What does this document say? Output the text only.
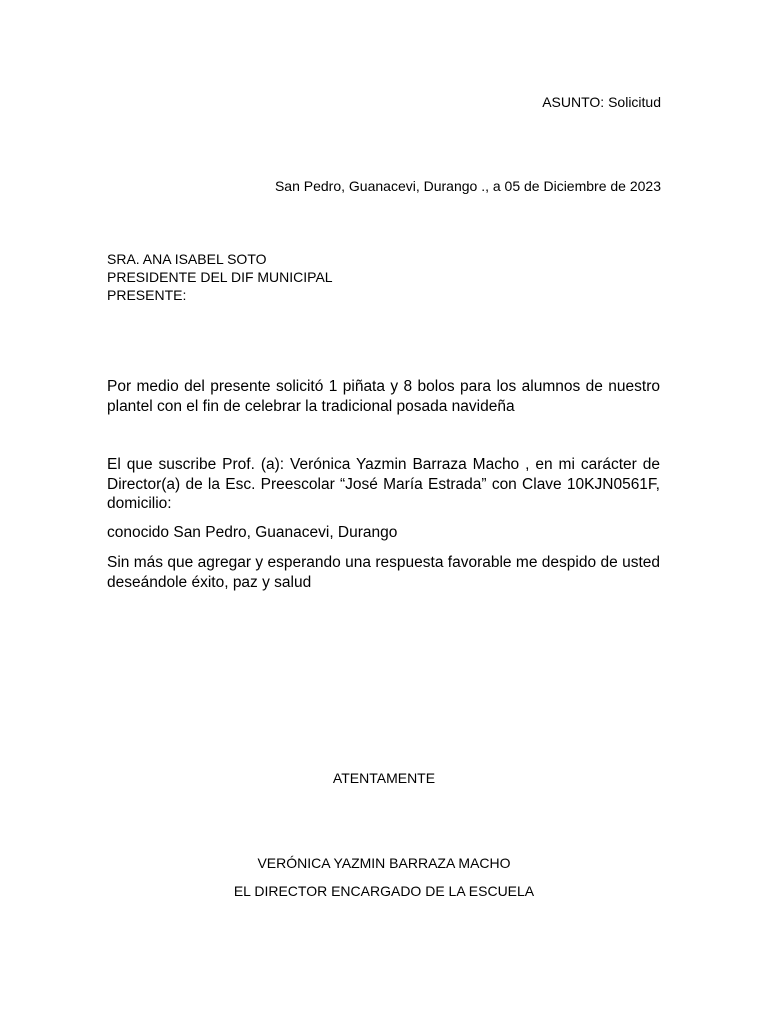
ASUNTO: Solicitud
San Pedro, Guanacevi, Durango ., a 05 de Diciembre de 2023
SRA. ANA ISABEL SOTO
PRESIDENTE DEL DIF MUNICIPAL
PRESENTE:
Por medio del presente solicitó 1 piñata y 8 bolos para los alumnos de nuestro
plantel con el fin de celebrar la tradicional posada navideña
El que suscribe Prof. (a): Verónica Yazmin Barraza Macho , en mi carácter de
Director(a) de la Esc. Preescolar “José María Estrada” con Clave 10KJN0561F,
domicilio:
conocido San Pedro, Guanacevi, Durango
Sin más que agregar y esperando una respuesta favorable me despido de usted
deseándole éxito, paz y salud
ATENTAMENTE
VERÓNICA YAZMIN BARRAZA MACHO
EL DIRECTOR ENCARGADO DE LA ESCUELA
